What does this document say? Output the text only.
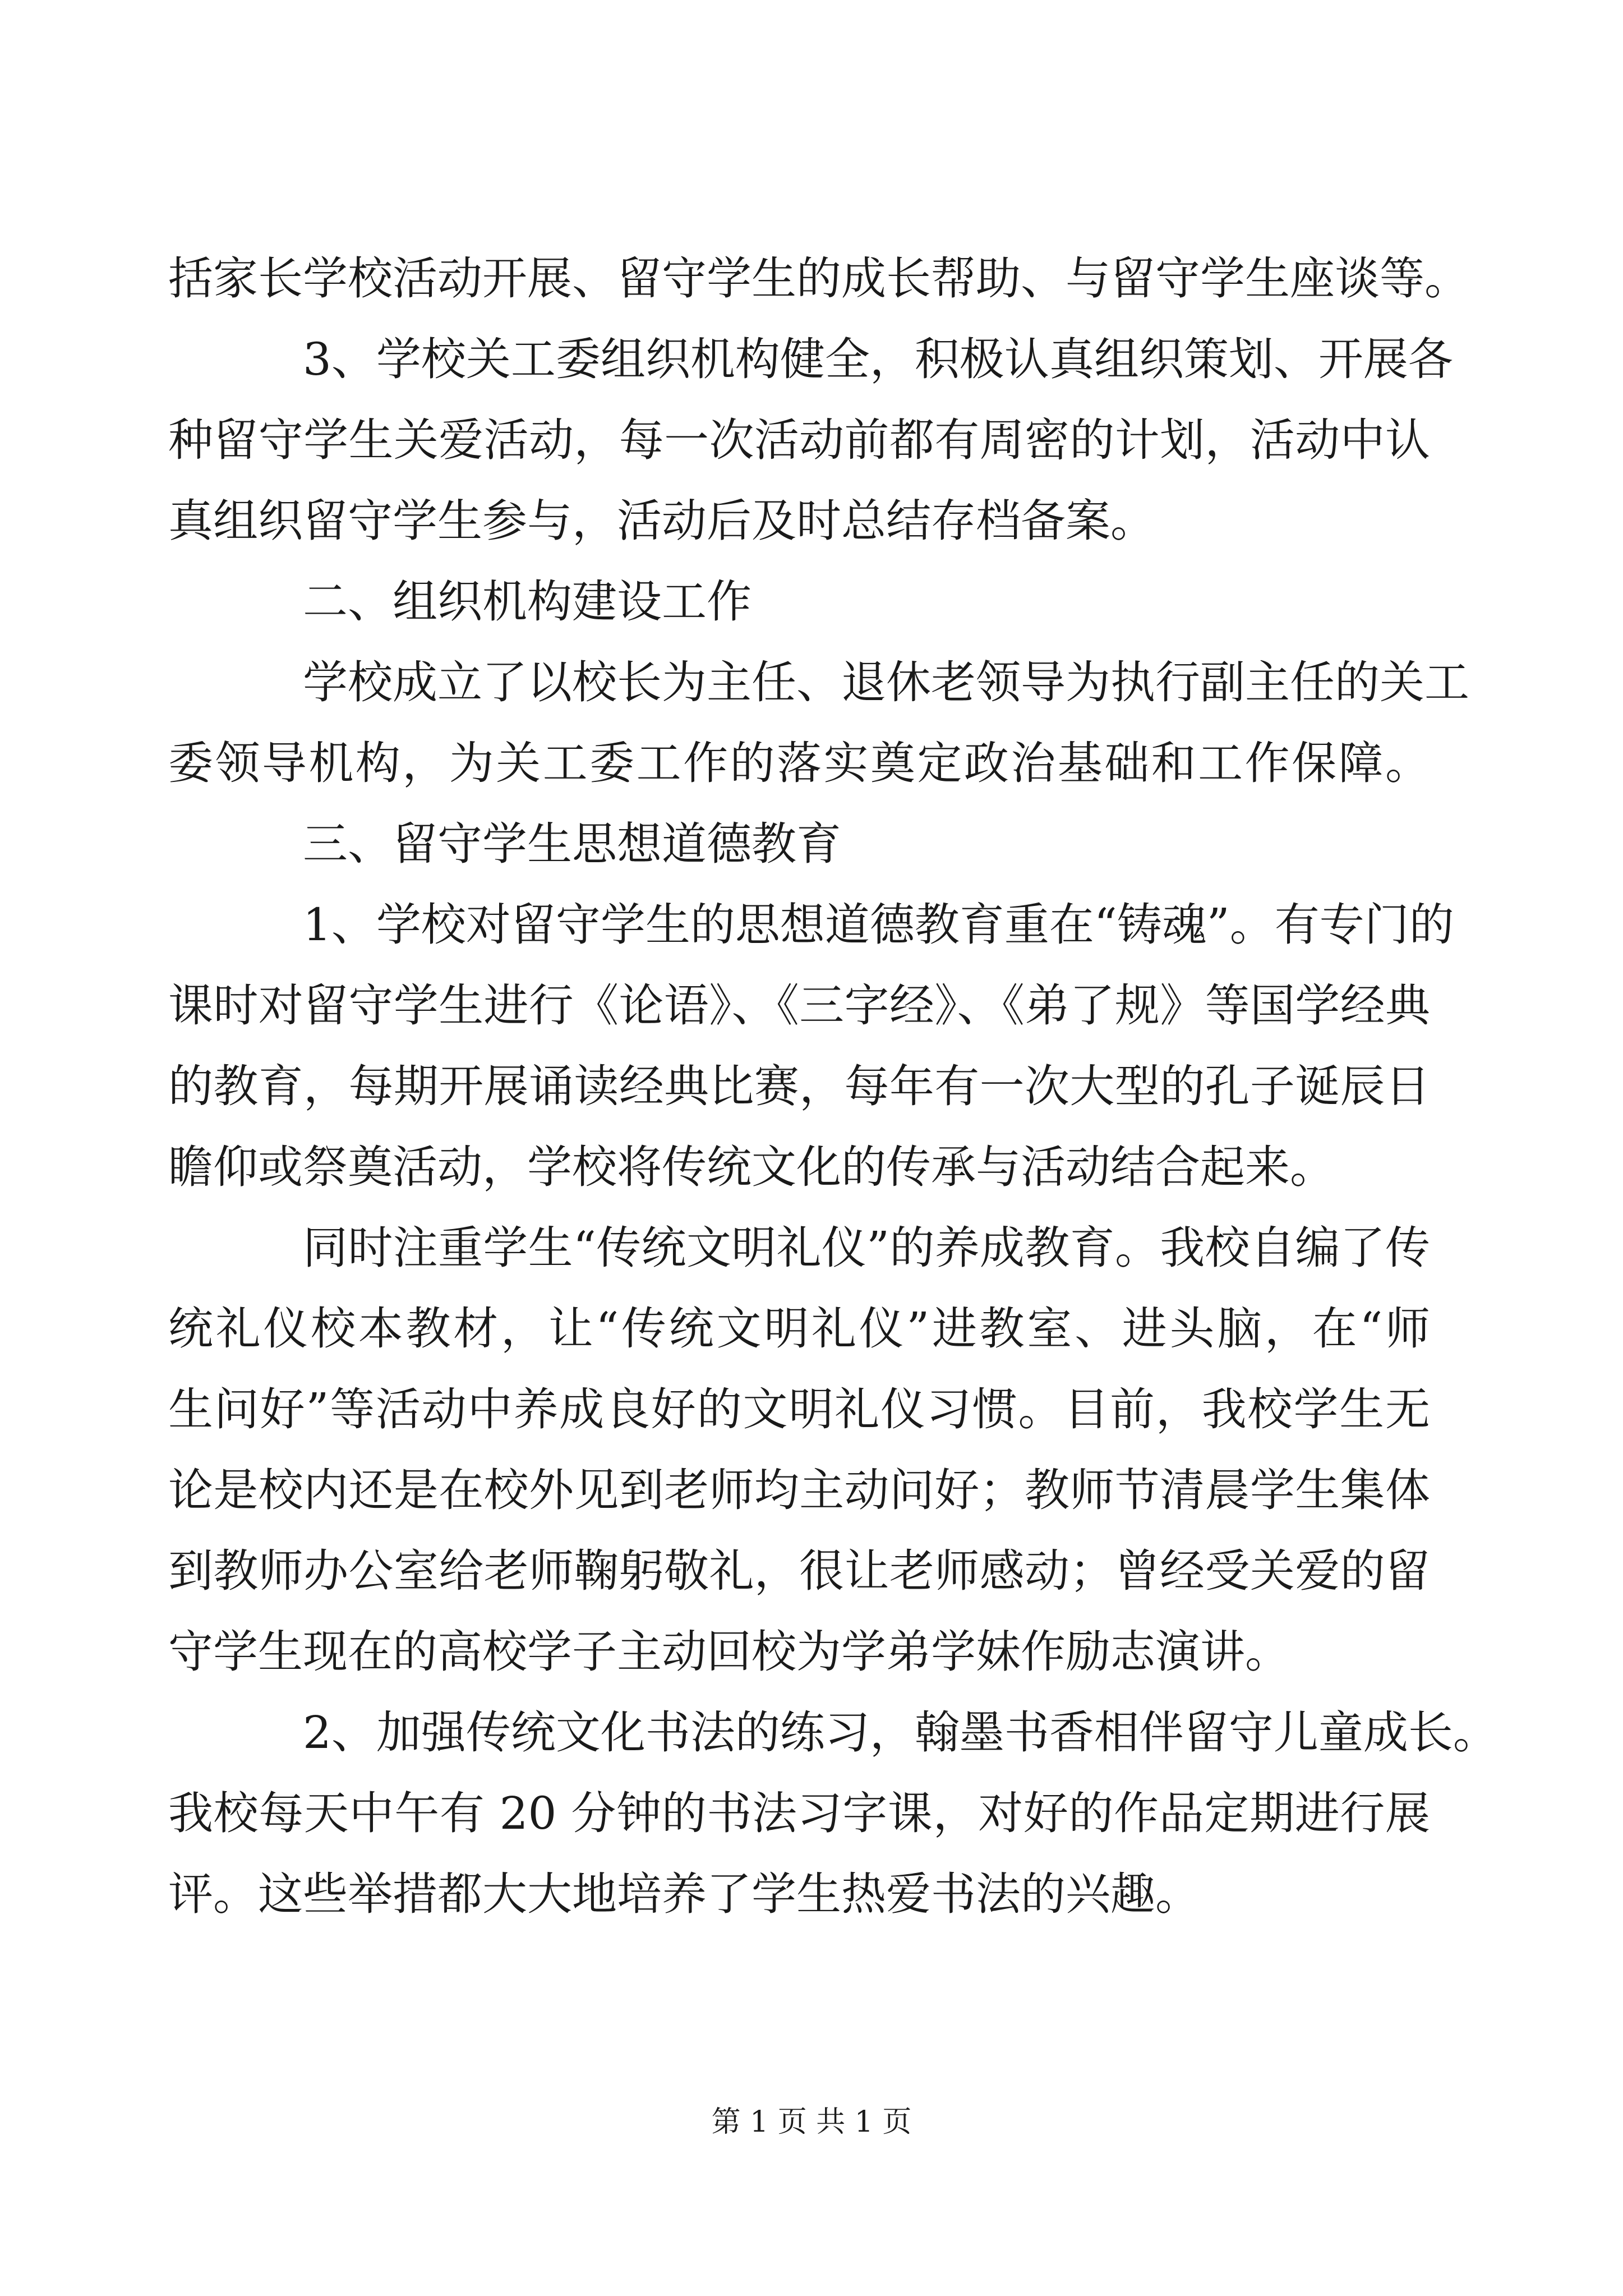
括家长学校活动开展、留守学生的成长帮助、与留守学生座谈等。
3、学校关工委组织机构健全，积极认真组织策划、开展各
种留守学生关爱活动，每一次活动前都有周密的计划，活动中认
真组织留守学生参与，活动后及时总结存档备案。
二、组织机构建设工作
学校成立了以校长为主任、退休老领导为执行副主任的关工
委领导机构，为关工委工作的落实奠定政治基础和工作保障。
三、留守学生思想道德教育
1、学校对留守学生的思想道德教育重在“铸魂”。有专门的
课时对留守学生进行《论语》、《三字经》、《弟了规》等国学经典
的教育，每期开展诵读经典比赛，每年有一次大型的孔子诞辰日
瞻仰或祭奠活动，学校将传统文化的传承与活动结合起来。
同时注重学生“传统文明礼仪”的养成教育。我校自编了传
统礼仪校本教材，让“传统文明礼仪”进教室、进头脑，在“师
生问好”等活动中养成良好的文明礼仪习惯。目前，我校学生无
论是校内还是在校外见到老师均主动问好；教师节清晨学生集体
到教师办公室给老师鞠躬敬礼，很让老师感动；曾经受关爱的留
守学生现在的高校学子主动回校为学弟学妹作励志演讲。
2、加强传统文化书法的练习，翰墨书香相伴留守儿童成长。
我校每天中午有 20 分钟的书法习字课，对好的作品定期进行展
评。这些举措都大大地培养了学生热爱书法的兴趣。
第 1 页 共 1 页
